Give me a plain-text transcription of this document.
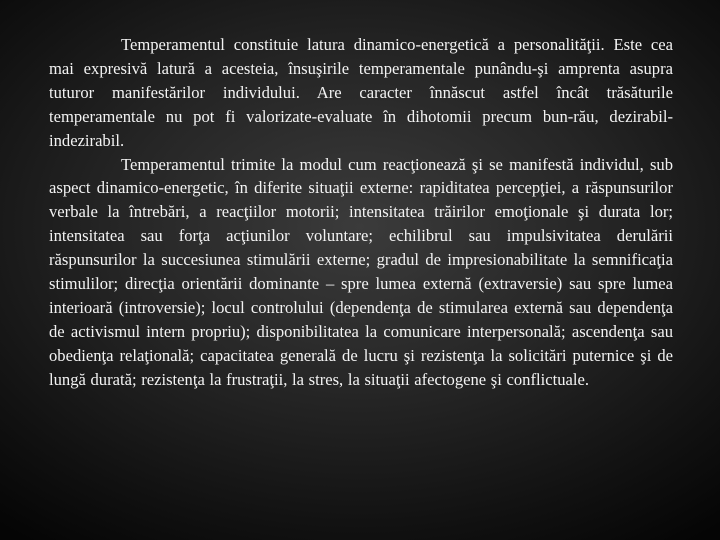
Temperamentul constituie latura dinamico-energetică a personalităţii. Este cea mai expresivă latură a acesteia, însuşirile temperamentale punându-şi amprenta asupra tuturor manifestărilor individului. Are caracter înnăscut astfel încât trăsăturile temperamentale nu pot fi valorizate-evaluate în dihotomii precum bun-rău, dezirabil-indezirabil.

Temperamentul trimite la modul cum reacţionează şi se manifestă individul, sub aspect dinamico-energetic, în diferite situaţii externe: rapiditatea percepţiei, a răspunsurilor verbale la întrebări, a reacţiilor motorii; intensitatea trăirilor emoţionale şi durata lor; intensitatea sau forţa acţiunilor voluntare; echilibrul sau impulsivitatea derulării răspunsurilor la succesiunea stimulării externe; gradul de impresionabilitate la semnificaţia stimulilor; direcţia orientării dominante – spre lumea externă (extraversie) sau spre lumea interioară (introversie); locul controlului (dependenţa de stimularea externă sau dependenţa de activismul intern propriu); disponibilitatea la comunicare interpersonală; ascendenţa sau obedienţa relaţională; capacitatea generală de lucru şi rezistenţa la solicitări puternice şi de lungă durată; rezistenţa la frustraţii, la stres, la situaţii afectogene şi conflictuale.
